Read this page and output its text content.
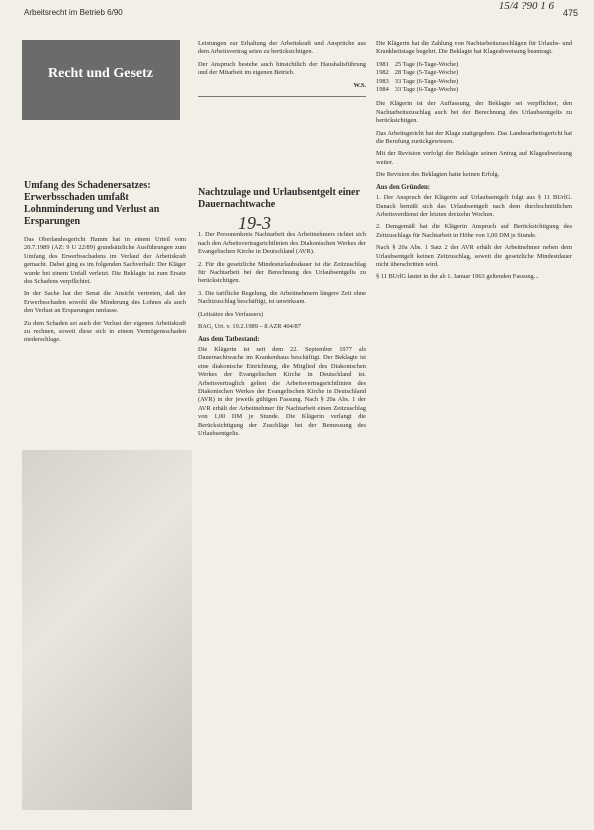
Arbeitsrecht im Betrieb 6/90	475
15/4 ?90 1 6
Recht und Gesetz
Umfang des Schadenersatzes: Erwerbsschaden umfaßt Lohnminderung und Verlust an Ersparungen

Das Oberlandesgericht Hamm hat in einem Urteil vom 20.7.1989 (AZ: 9 U 22/89) grundsätzliche Ausführungen zum Umfang des Erwerbsschadens im Verlauf der Arbeitskraft gemacht. Dabei ging es im folgenden Sachverhalt: Der Kläger wurde bei einem Unfall verletzt. Die Beklagte ist zum Ersatz des Schadens verpflichtet.

In der Sache hat der Senat die Ansicht vertreten, daß der Erwerbsschaden sowohl die Minderung des Lohnes als auch den Verlust an Ersparungen umfasse.

Zu dem Schaden sei auch der Verlust der eigenen Arbeitskraft zu rechnen, soweit diese sich in einem Vermögensschaden niederschlage.

Leistungen zur Erhaltung der Arbeitskraft und Ansprüche aus dem Arbeitsvertrag seien zu berücksichtigen.

Der Anspruch bestehe auch hinsichtlich der Haushaltsführung und der Mitarbeit im eigenen Betrieb.

W.S.

Nachtzulage und Urlaubsentgelt einer Dauernachtwache
19-3

1. Der Personenkreis Nachtarbeit des Arbeitnehmers richtet sich nach den Arbeitsvertragsrichtlinien des Diakonischen Werkes der Evangelischen Kirche in Deutschland (AVR).

2. Für die gesetzliche Mindesturlaubsdauer ist die Zeitzuschlag für Nachtarbeit bei der Berechnung des Urlaubsentgelts zu berücksichtigen.

3. Die tarifliche Regelung, die Arbeitnehmern längere Zeit ohne Nachtzuschlag beschäftigt, ist unwirksam.

(Leitsätze des Verfassers)

BAG, Urt. v. 19.2.1989 – 8 AZR 404/87

Aus dem Tatbestand:

Die Klägerin ist seit dem 22. September 1977 als Dauernachtwache im Krankenhaus beschäftigt. Der Beklagte ist eine diakonische Einrichtung, die Mitglied des Diakonischen Werkes der Evangelischen Kirche in Deutschland ist. Arbeitsvertraglich gelten die Arbeitsvertragsrichtlinien des Diakonischen Werkes der Evangelischen Kirche in Deutschland (AVR) in der jeweils gültigen Fassung. Nach § 20a Abs. 1 der AVR erhält der Arbeitnehmer für Nachtarbeit einen Zeitzuschlag von 1,00 DM je Stunde. Die Klägerin verlangt die Berücksichtigung der Zuschläge bei der Bemessung des Urlaubsentgelts.

Die Klägerin hat die Zahlung von Nachtarbeitszuschlägen für Urlaubs- und Krankheitstage begehrt. Die Beklagte hat Klageabweisung beantragt.

1981 25 Tage (6-Tage-Woche)
1982 28 Tage (5-Tage-Woche)
1983 33 Tage (6-Tage-Woche)
1984 33 Tage (6-Tage-Woche)

Die Klägerin ist der Auffassung, der Beklagte sei verpflichtet, den Nachtarbeitszuschlag auch bei der Berechnung des Urlaubsentgelts zu berücksichtigen.

Das Arbeitsgericht hat der Klage stattgegeben. Das Landesarbeitsgericht hat die Berufung zurückgewiesen.

Mit der Revision verfolgt der Beklagte seinen Antrag auf Klageabweisung weiter.

Die Revision des Beklagten hatte keinen Erfolg.

Aus den Gründen:

1. Der Anspruch der Klägerin auf Urlaubsentgelt folgt aus § 11 BUrlG. Danach bemißt sich das Urlaubsentgelt nach dem durchschnittlichen Arbeitsverdienst der letzten dreizehn Wochen.

2. Demgemäß hat die Klägerin Anspruch auf Berücksichtigung des Zeitzuschlags für Nachtarbeit in Höhe von 1,00 DM je Stunde.

Nach § 20a Abs. 1 Satz 2 der AVR erhält der Arbeitnehmer neben dem Urlaubsentgelt keinen Zeitzuschlag, soweit die gesetzliche Mindestdauer nicht überschritten wird.

§ 11 BUrlG lautet in der ab 1. Januar 1963 geltenden Fassung...
